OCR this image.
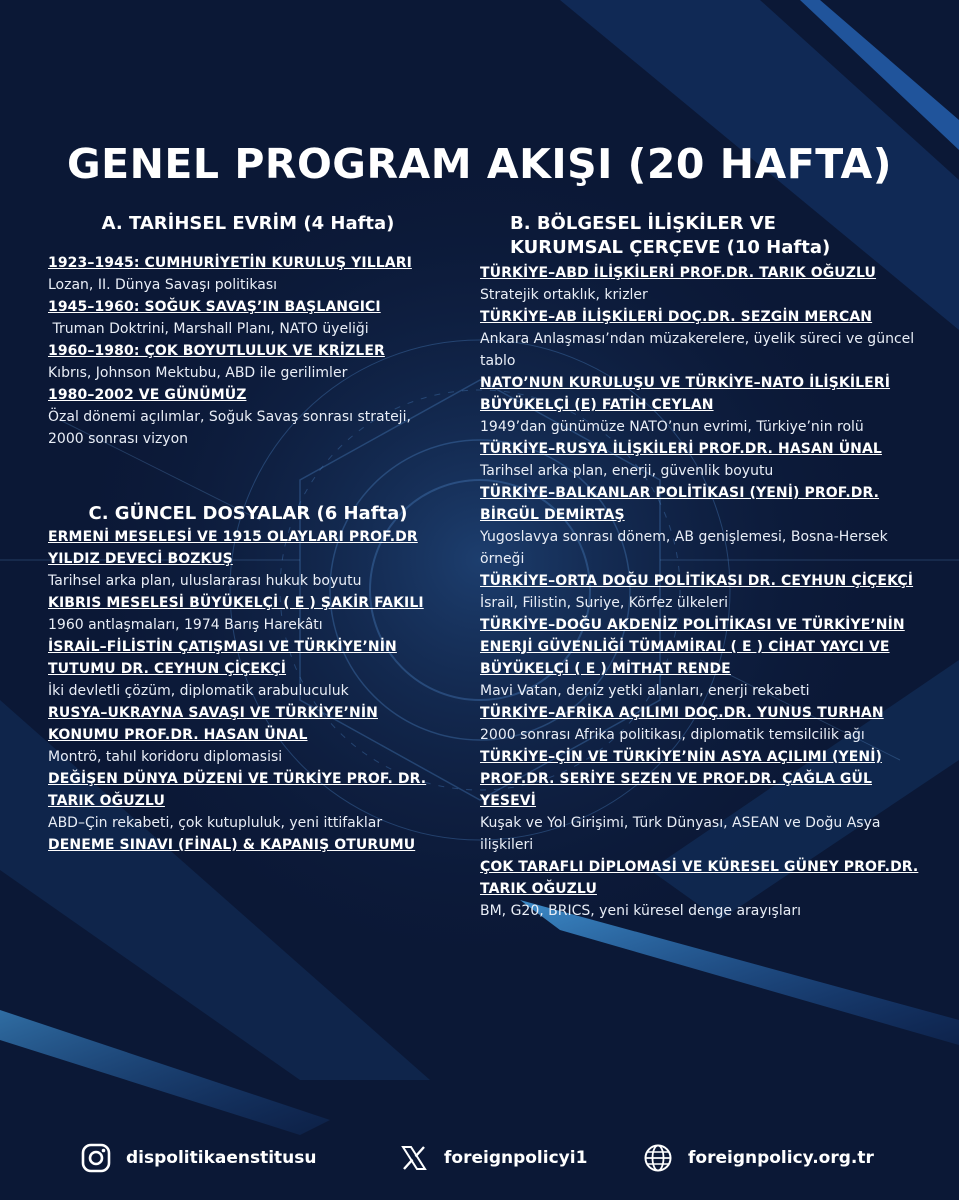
GENEL PROGRAM AKIŞI (20 HAFTA)
A. TARİHSEL EVRİM (4 Hafta)
1923–1945: CUMHURİYETİN KURULUŞ YILLARI
Lozan, II. Dünya Savaşı politikası
1945–1960: SOĞUK SAVAŞ’IN BAŞLANGICI
Truman Doktrini, Marshall Planı, NATO üyeliği
1960–1980: ÇOK BOYUTLULUK VE KRİZLER
Kıbrıs, Johnson Mektubu, ABD ile gerilimler
1980–2002 VE GÜNÜMÜZ
Özal dönemi açılımlar, Soğuk Savaş sonrası strateji, 2000 sonrası vizyon
C. GÜNCEL DOSYALAR (6 Hafta)
ERMENİ MESELESİ VE 1915 OLAYLARI PROF.DR YILDIZ DEVECİ BOZKUŞ
Tarihsel arka plan, uluslararası hukuk boyutu
KIBRIS MESELESİ BÜYÜKELÇİ ( E ) ŞAKİR FAKILI
1960 antlaşmaları, 1974 Barış Harekâtı
İSRAİL–FİLİSTİN ÇATIŞMASI VE TÜRKİYE’NİN TUTUMU DR. CEYHUN ÇİÇEKÇİ
İki devletli çözüm, diplomatik arabuluculuk
RUSYA–UKRAYNA SAVAŞI VE TÜRKİYE’NİN KONUMU PROF.DR. HASAN ÜNAL
Montrö, tahıl koridoru diplomasisi
DEĞİŞEN DÜNYA DÜZENİ VE TÜRKİYE PROF. DR. TARIK OĞUZLU
ABD–Çin rekabeti, çok kutupluluk, yeni ittifaklar
DENEME SINAVI (FİNAL) & KAPANIŞ OTURUMU
B. BÖLGESEL İLİŞKİLER VE
KURUMSAL ÇERÇEVE (10 Hafta)
TÜRKİYE–ABD İLİŞKİLERİ PROF.DR. TARIK OĞUZLU
Stratejik ortaklık, krizler
TÜRKİYE–AB İLİŞKİLERİ DOÇ.DR. SEZGİN MERCAN
Ankara Anlaşması’ndan müzakerelere, üyelik süreci ve güncel tablo
NATO’NUN KURULUŞU VE TÜRKİYE–NATO İLİŞKİLERİ BÜYÜKELÇİ (E) FATİH CEYLAN
1949’dan günümüze NATO’nun evrimi, Türkiye’nin rolü
TÜRKİYE–RUSYA İLİŞKİLERİ PROF.DR. HASAN ÜNAL
Tarihsel arka plan, enerji, güvenlik boyutu
TÜRKİYE–BALKANLAR POLİTİKASI (YENİ) PROF.DR. BİRGÜL DEMİRTAŞ
Yugoslavya sonrası dönem, AB genişlemesi, Bosna-Hersek örneği
TÜRKİYE–ORTA DOĞU POLİTİKASI DR. CEYHUN ÇİÇEKÇİ
İsrail, Filistin, Suriye, Körfez ülkeleri
TÜRKİYE–DOĞU AKDENİZ POLİTİKASI VE TÜRKİYE’NİN ENERJİ GÜVENLİĞİ TÜMAMİRAL ( E ) CİHAT YAYCI VE BÜYÜKELÇİ ( E ) MİTHAT RENDE
Mavi Vatan, deniz yetki alanları, enerji rekabeti
TÜRKİYE–AFRİKA AÇILIMI DOÇ.DR. YUNUS TURHAN
2000 sonrası Afrika politikası, diplomatik temsilcilik ağı
TÜRKİYE–ÇİN VE TÜRKİYE’NİN ASYA AÇILIMI (YENİ) PROF.DR. SERİYE SEZEN VE PROF.DR. ÇAĞLA GÜL YESEVİ
Kuşak ve Yol Girişimi, Türk Dünyası, ASEAN ve Doğu Asya ilişkileri
ÇOK TARAFLI DİPLOMASİ VE KÜRESEL GÜNEY PROF.DR. TARIK OĞUZLU
BM, G20, BRICS, yeni küresel denge arayışları
dispolitikaenstitusu	foreignpolicyi1	foreignpolicy.org.tr
